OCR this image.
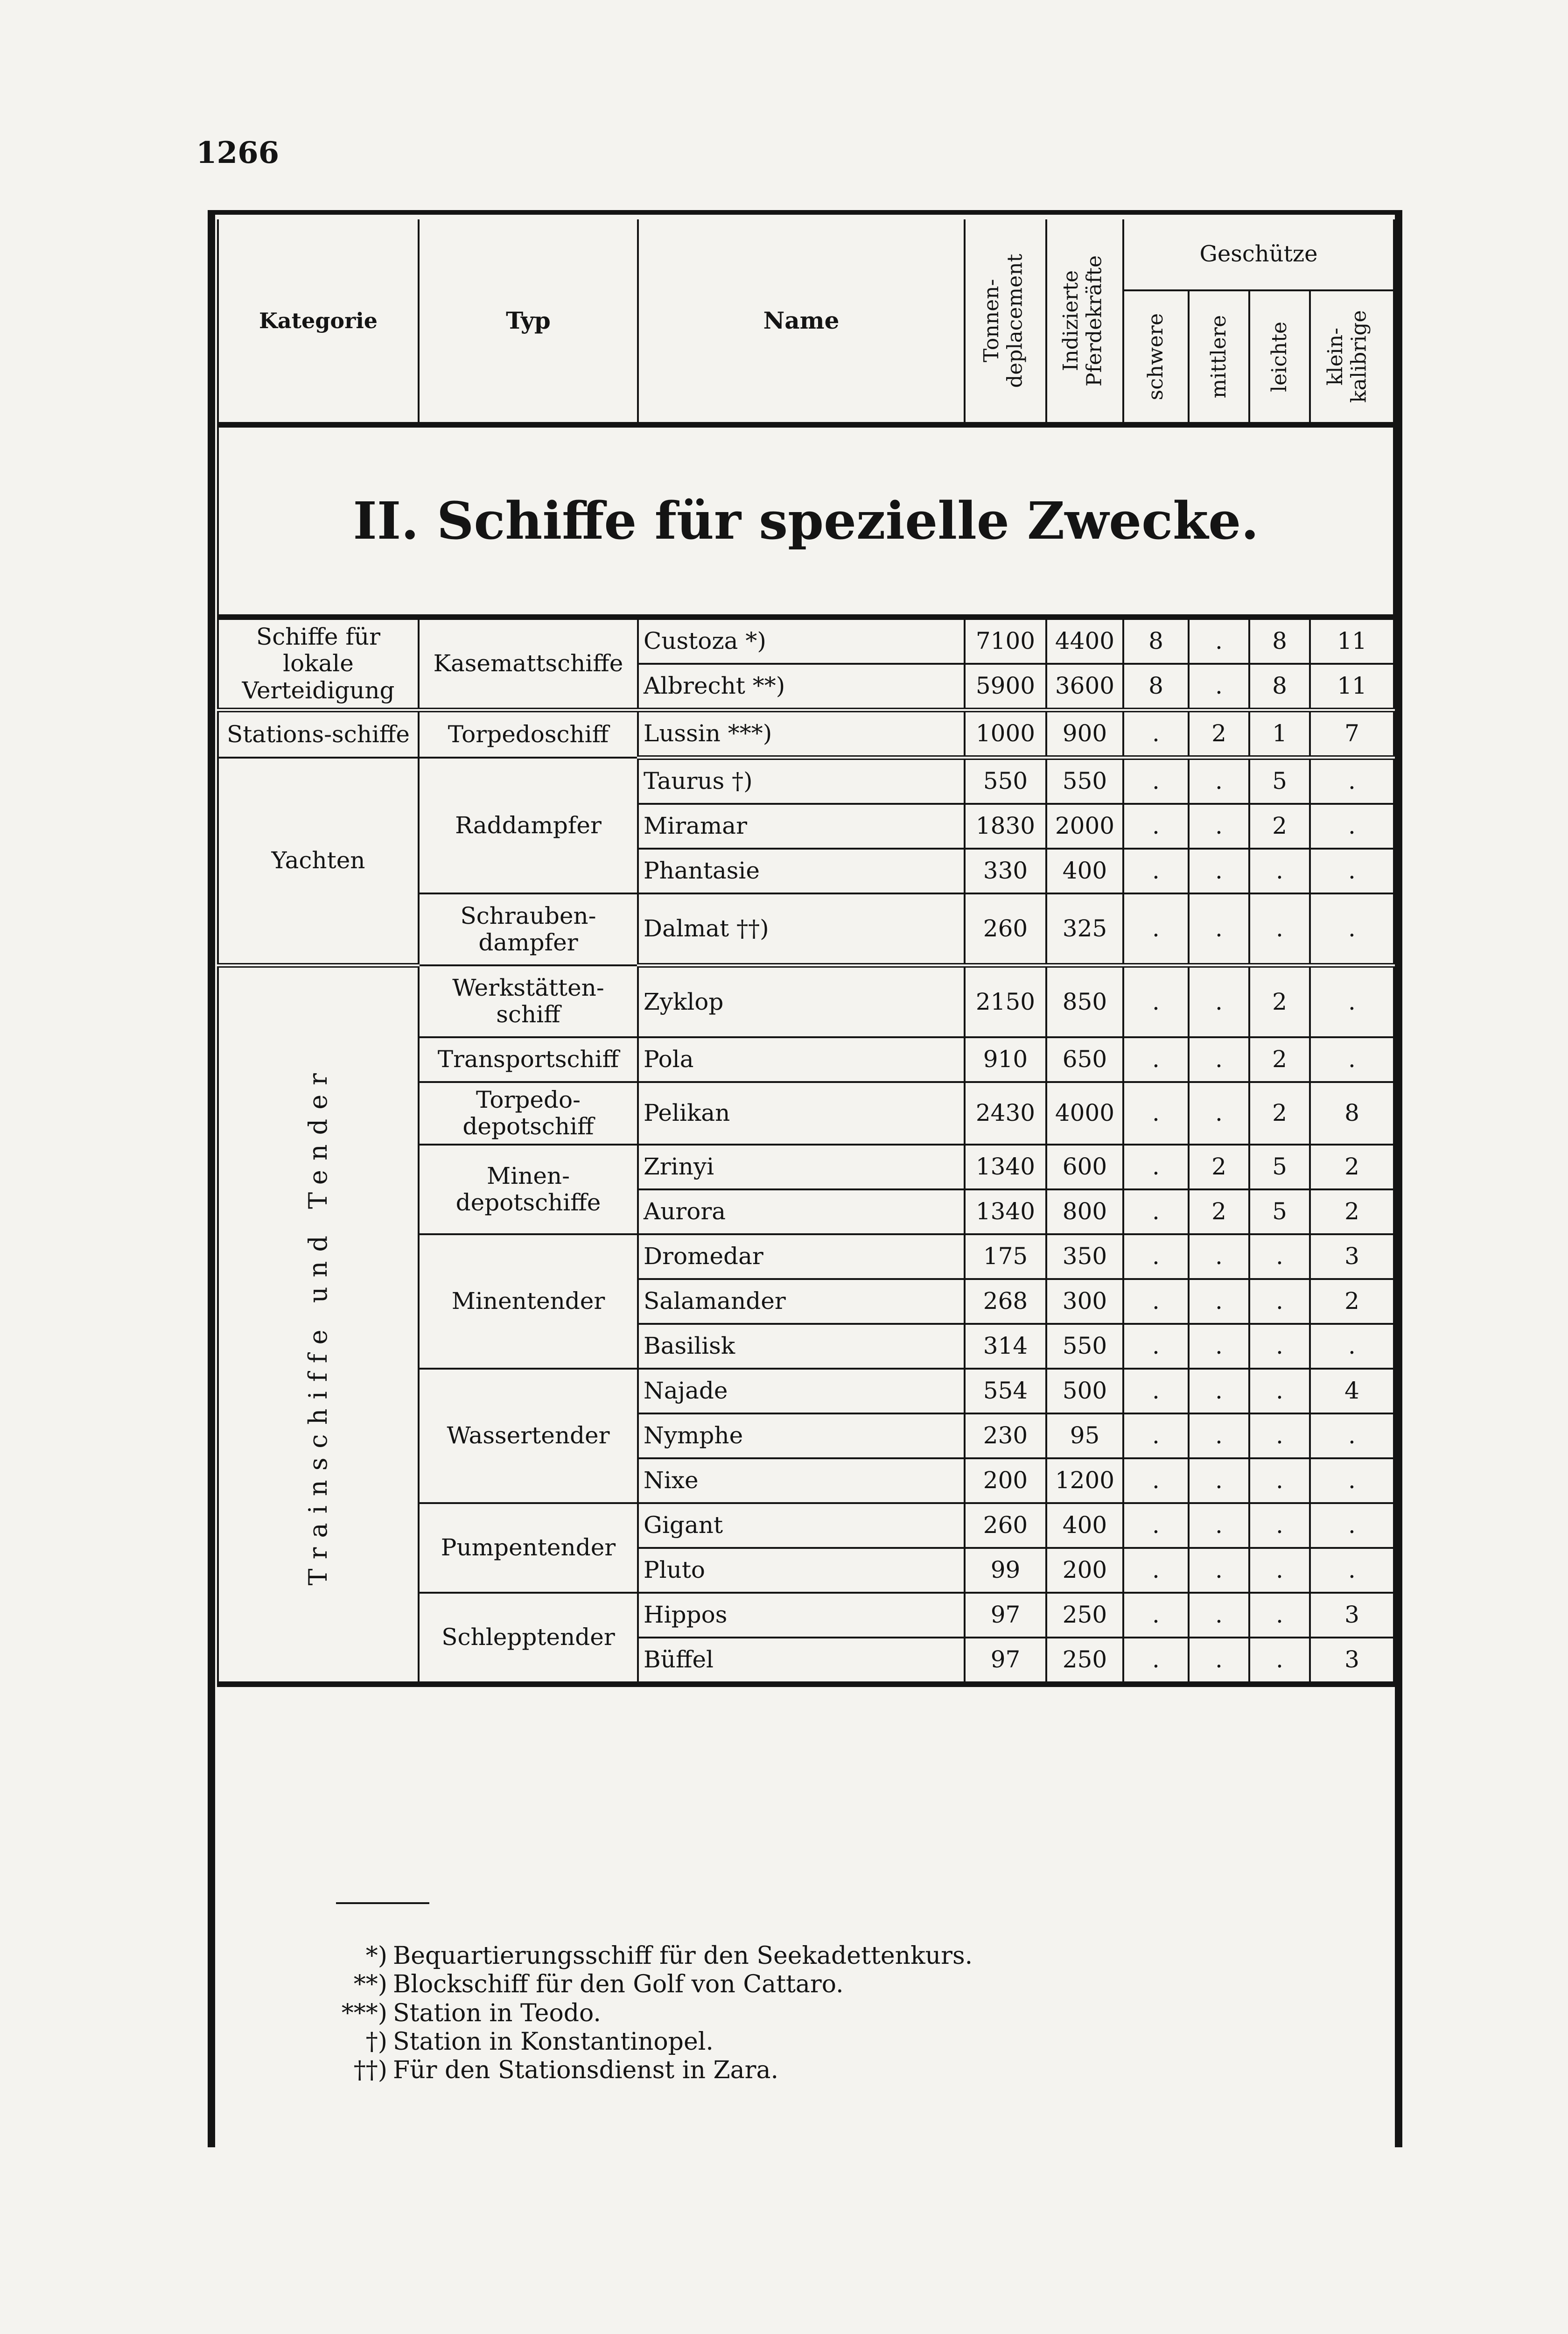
1266
Kategorie	Typ	Name	Tonnen-deplacement	Indizierte Pferdekräfte	Geschütze			

					schwere	mittlere	leichte	klein-kalibrige

II. Schiffe für spezielle Zwecke.								
Schiffe für lokale Verteidigung	Kasemattschiffe	Custoza *)	7100	4400	8	.	8	11
		Albrecht **)	5900	3600	8	.	8	11
Stations-schiffe	Torpedoschiff	Lussin ***)	1000	900	.	2	1	7
Yachten	Raddampfer	Taurus †)	550	550	.	.	5	.
		Miramar	1830	2000	.	.	2	.
		Phantasie	330	400	.	.	.	.
	Schrauben-dampfer	Dalmat ††)	260	325	.	.	.	.

Trainschiffe und Tender	Werkstätten-schiff	Zyklop	2150	850	.	.	2	.
	Transportschiff	Pola	910	650	.	.	2	.
	Torpedo-depotschiff	Pelikan	2430	4000	.	.	2	8
	Minen-depotschiffe	Zrinyi	1340	600	.	2	5	2
		Aurora	1340	800	.	2	5	2
	Minentender	Dromedar	175	350	.	.	.	3
		Salamander	268	300	.	.	.	2
		Basilisk	314	550	.	.	.	.
	Wassertender	Najade	554	500	.	.	.	4
		Nymphe	230	95	.	.	.	.
		Nixe	200	1200	.	.	.	.
	Pumpentender	Gigant	260	400	.	.	.	.
		Pluto	99	200	.	.	.	.
	Schlepptender	Hippos	97	250	.	.	.	3
		Büffel	97	250	.	.	.	3
*) Bequartierungsschiff für den Seekadettenkurs.
**) Blockschiff für den Golf von Cattaro.
***) Station in Teodo.
†) Station in Konstantinopel.
††) Für den Stationsdienst in Zara.
